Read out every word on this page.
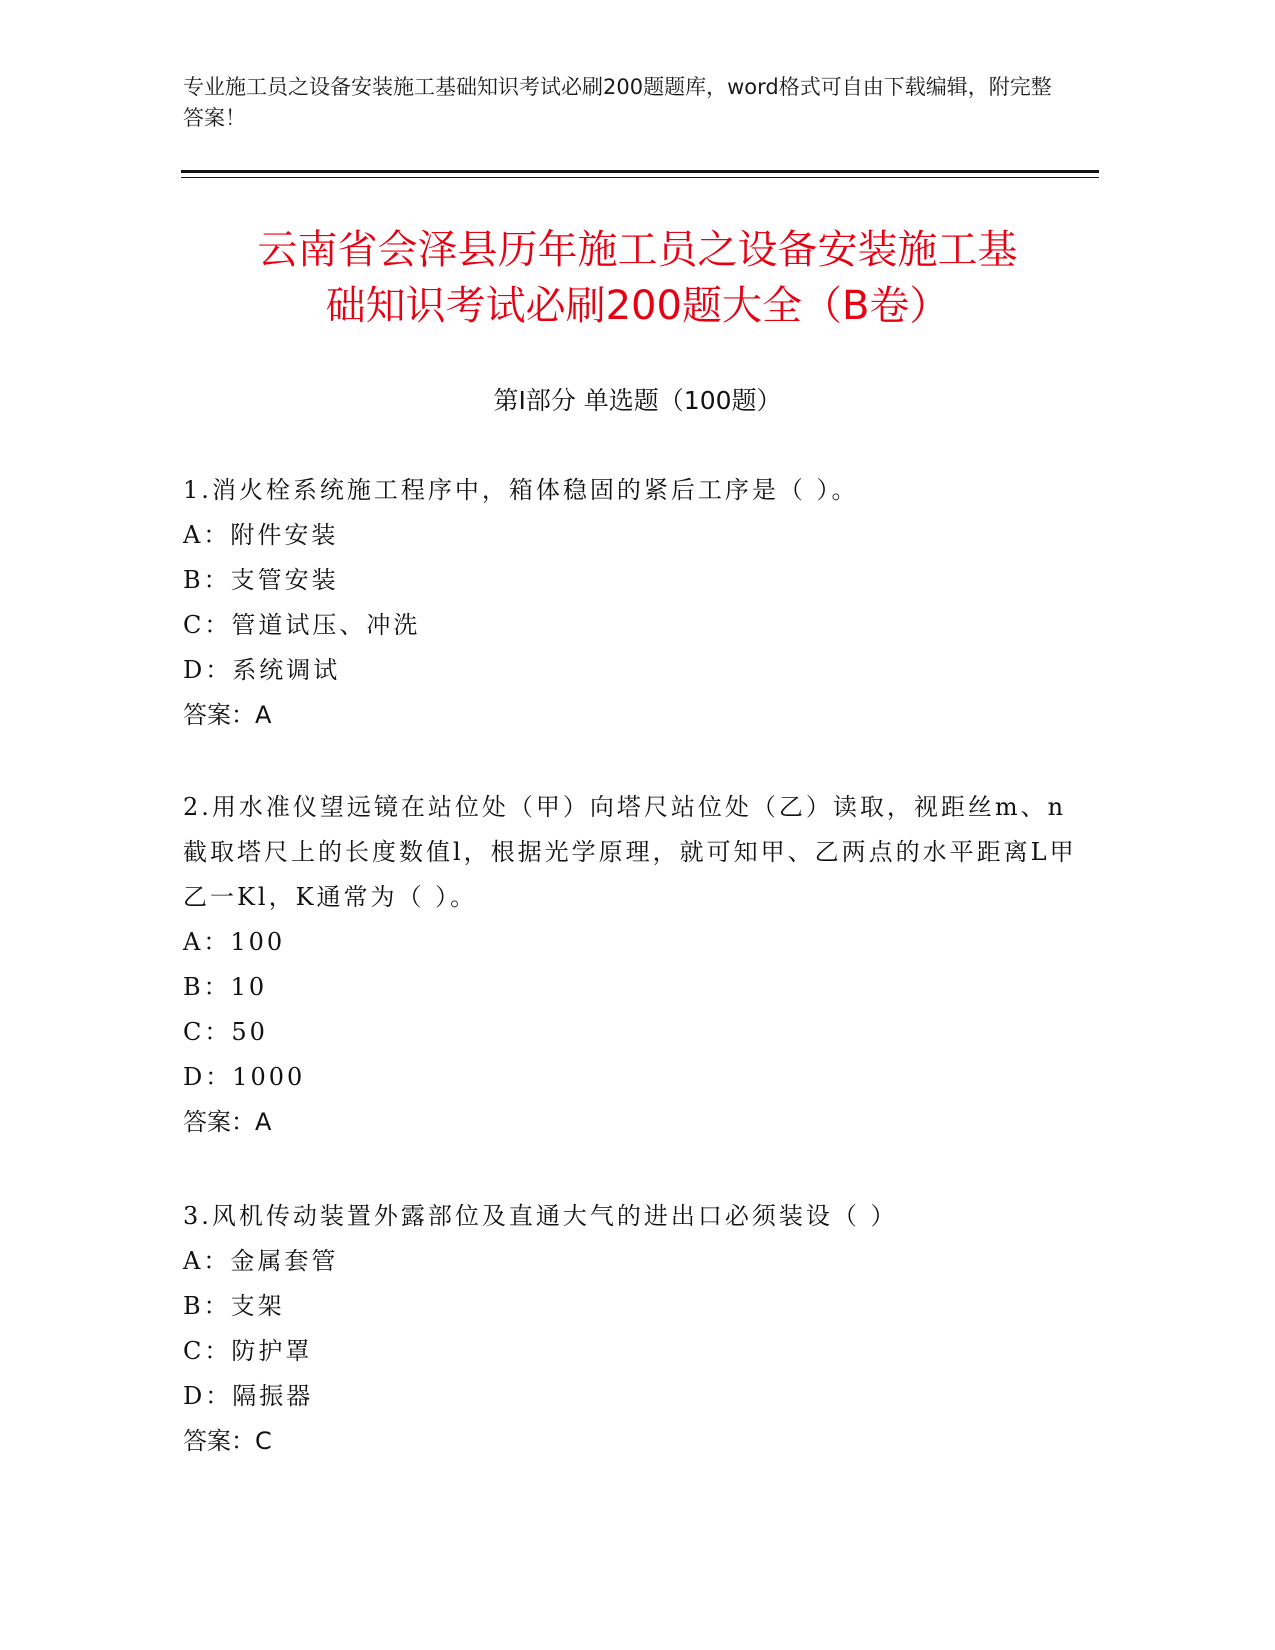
专业施工员之设备安装施工基础知识考试必刷200题题库，word格式可自由下载编辑，附完整答案！
云南省会泽县历年施工员之设备安装施工基
础知识考试必刷200题大全（B卷）
第Ⅰ部分 单选题（100题）
1.消火栓系统施工程序中，箱体稳固的紧后工序是（ ）。
A：附件安装
B：支管安装
C：管道试压、冲洗
D：系统调试
答案：A
2.用水准仪望远镜在站位处（甲）向塔尺站位处（乙）读取，视距丝m、n截取塔尺上的长度数值l，根据光学原理，就可知甲、乙两点的水平距离L甲乙一Kl，K通常为（ ）。
A：100
B：10
C：50
D：1000
答案：A
3.风机传动装置外露部位及直通大气的进出口必须装设（ ）
A：金属套管
B：支架
C：防护罩
D：隔振器
答案：C
